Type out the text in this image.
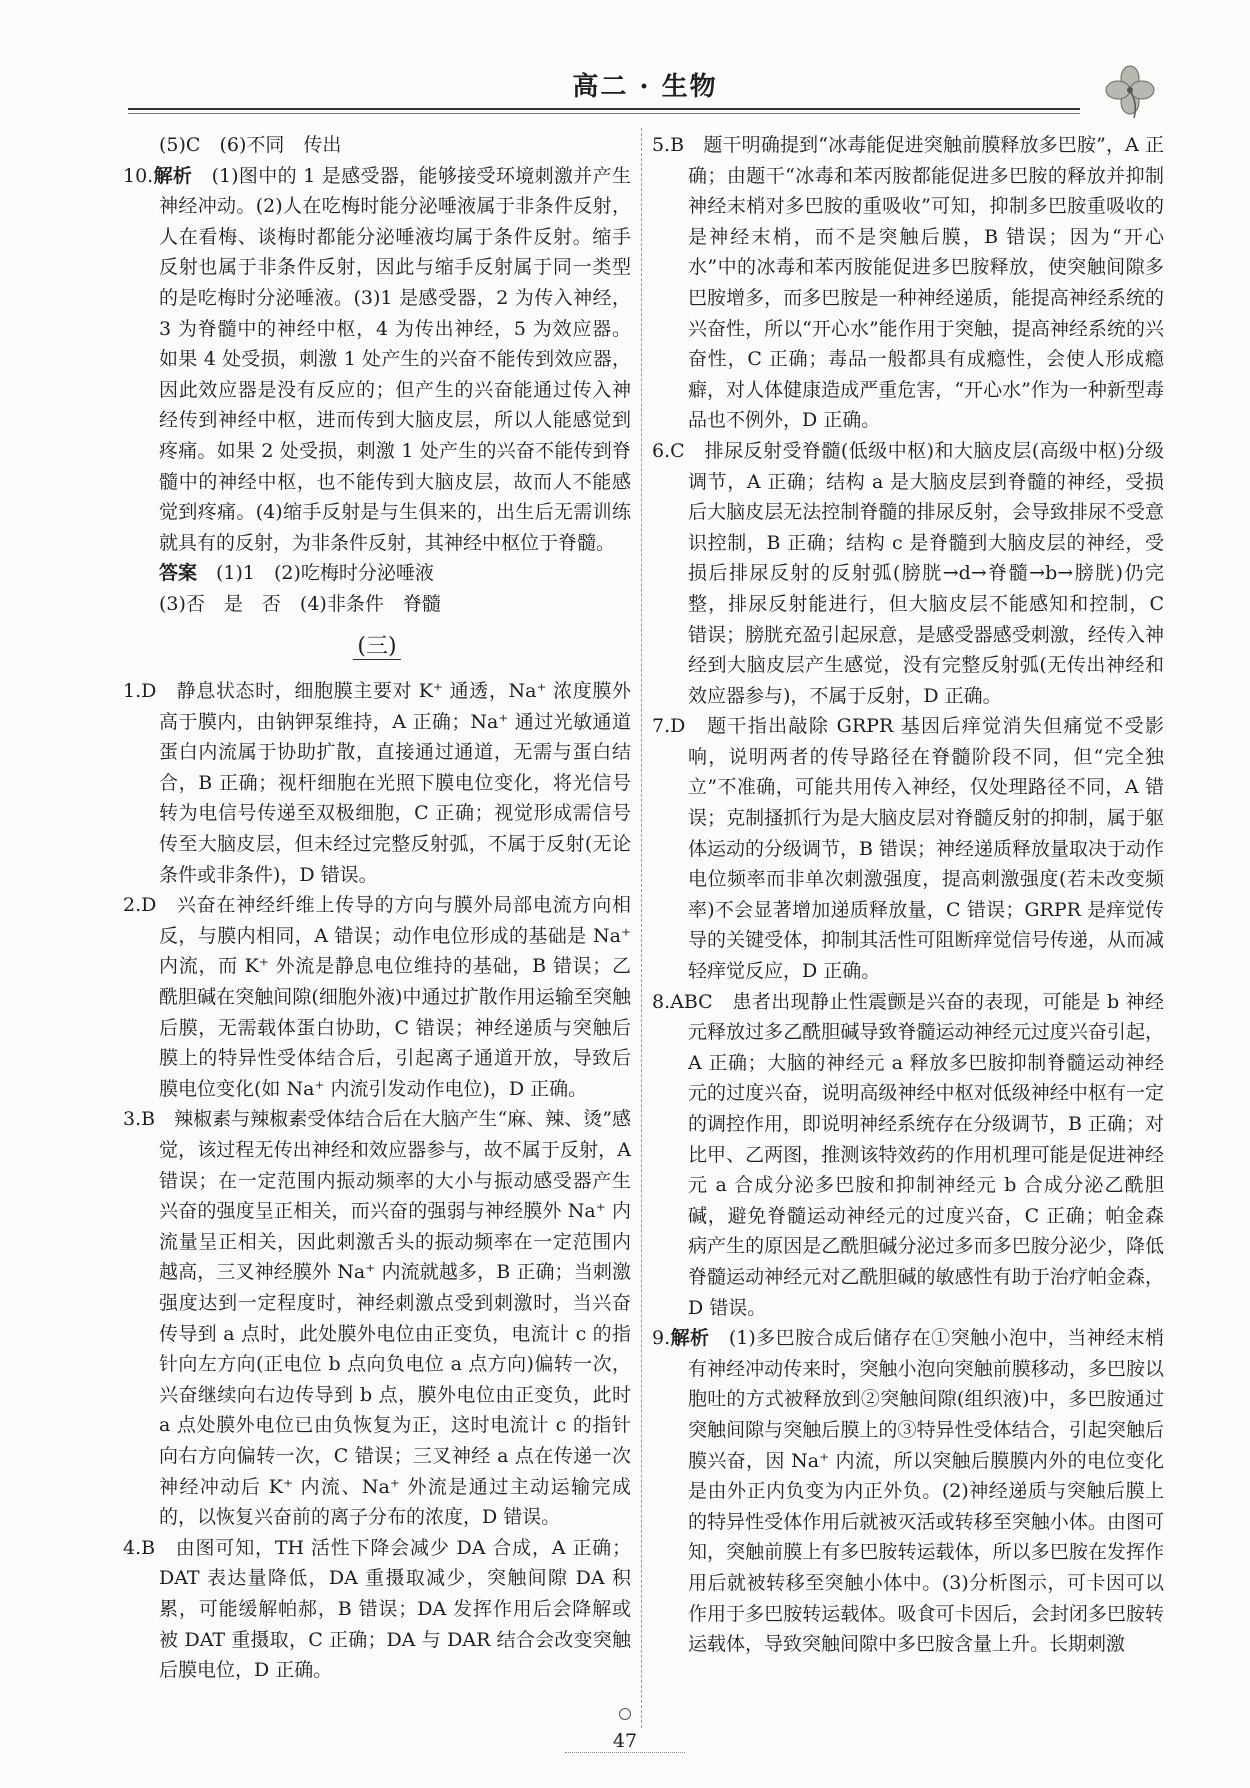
高二 · 生物

(5)C　(6)不同　传出

10.解析　(1)图中的 1 是感受器，能够接受环境刺激并产生神经冲动。(2)人在吃梅时能分泌唾液属于非条件反射，人在看梅、谈梅时都能分泌唾液均属于条件反射。缩手反射也属于非条件反射，因此与缩手反射属于同一类型的是吃梅时分泌唾液。(3)1 是感受器，2 为传入神经，3 为脊髓中的神经中枢，4 为传出神经，5 为效应器。如果 4 处受损，刺激 1 处产生的兴奋不能传到效应器，因此效应器是没有反应的；但产生的兴奋能通过传入神经传到神经中枢，进而传到大脑皮层，所以人能感觉到疼痛。如果 2 处受损，刺激 1 处产生的兴奋不能传到脊髓中的神经中枢，也不能传到大脑皮层，故而人不能感觉到疼痛。(4)缩手反射是与生俱来的，出生后无需训练就具有的反射，为非条件反射，其神经中枢位于脊髓。

答案　(1)1　(2)吃梅时分泌唾液

(3)否　是　否　(4)非条件　脊髓

(三)

1.D　静息状态时，细胞膜主要对 K⁺ 通透，Na⁺ 浓度膜外高于膜内，由钠钾泵维持，A 正确；Na⁺ 通过光敏通道蛋白内流属于协助扩散，直接通过通道，无需与蛋白结合，B 正确；视杆细胞在光照下膜电位变化，将光信号转为电信号传递至双极细胞，C 正确；视觉形成需信号传至大脑皮层，但未经过完整反射弧，不属于反射(无论条件或非条件)，D 错误。

2.D　兴奋在神经纤维上传导的方向与膜外局部电流方向相反，与膜内相同，A 错误；动作电位形成的基础是 Na⁺ 内流，而 K⁺ 外流是静息电位维持的基础，B 错误；乙酰胆碱在突触间隙(细胞外液)中通过扩散作用运输至突触后膜，无需载体蛋白协助，C 错误；神经递质与突触后膜上的特异性受体结合后，引起离子通道开放，导致后膜电位变化(如 Na⁺ 内流引发动作电位)，D 正确。

3.B　辣椒素与辣椒素受体结合后在大脑产生“麻、辣、烫”感觉，该过程无传出神经和效应器参与，故不属于反射，A 错误；在一定范围内振动频率的大小与振动感受器产生兴奋的强度呈正相关，而兴奋的强弱与神经膜外 Na⁺ 内流量呈正相关，因此刺激舌头的振动频率在一定范围内越高，三叉神经膜外 Na⁺ 内流就越多，B 正确；当刺激强度达到一定程度时，神经刺激点受到刺激时，当兴奋传导到 a 点时，此处膜外电位由正变负，电流计 c 的指针向左方向(正电位 b 点向负电位 a 点方向)偏转一次，兴奋继续向右边传导到 b 点，膜外电位由正变负，此时 a 点处膜外电位已由负恢复为正，这时电流计 c 的指针向右方向偏转一次，C 错误；三叉神经 a 点在传递一次神经冲动后 K⁺ 内流、Na⁺ 外流是通过主动运输完成的，以恢复兴奋前的离子分布的浓度，D 错误。

4.B　由图可知，TH 活性下降会减少 DA 合成，A 正确；DAT 表达量降低，DA 重摄取减少，突触间隙 DA 积累，可能缓解帕郝，B 错误；DA 发挥作用后会降解或被 DAT 重摄取，C 正确；DA 与 DAR 结合会改变突触后膜电位，D 正确。

5.B　题干明确提到“冰毒能促进突触前膜释放多巴胺”，A 正确；由题干“冰毒和苯丙胺都能促进多巴胺的释放并抑制神经末梢对多巴胺的重吸收”可知，抑制多巴胺重吸收的是神经末梢，而不是突触后膜，B 错误；因为“开心水”中的冰毒和苯丙胺能促进多巴胺释放，使突触间隙多巴胺增多，而多巴胺是一种神经递质，能提高神经系统的兴奋性，所以“开心水”能作用于突触，提高神经系统的兴奋性，C 正确；毒品一般都具有成瘾性，会使人形成瘾癖，对人体健康造成严重危害，“开心水”作为一种新型毒品也不例外，D 正确。

6.C　排尿反射受脊髓(低级中枢)和大脑皮层(高级中枢)分级调节，A 正确；结构 a 是大脑皮层到脊髓的神经，受损后大脑皮层无法控制脊髓的排尿反射，会导致排尿不受意识控制，B 正确；结构 c 是脊髓到大脑皮层的神经，受损后排尿反射的反射弧(膀胱→d→脊髓→b→膀胱)仍完整，排尿反射能进行，但大脑皮层不能感知和控制，C 错误；膀胱充盈引起尿意，是感受器感受刺激，经传入神经到大脑皮层产生感觉，没有完整反射弧(无传出神经和效应器参与)，不属于反射，D 正确。

7.D　题干指出敲除 GRPR 基因后痒觉消失但痛觉不受影响，说明两者的传导路径在脊髓阶段不同，但“完全独立”不准确，可能共用传入神经，仅处理路径不同，A 错误；克制搔抓行为是大脑皮层对脊髓反射的抑制，属于躯体运动的分级调节，B 错误；神经递质释放量取决于动作电位频率而非单次刺激强度，提高刺激强度(若未改变频率)不会显著增加递质释放量，C 错误；GRPR 是痒觉传导的关键受体，抑制其活性可阻断痒觉信号传递，从而减轻痒觉反应，D 正确。

8.ABC　患者出现静止性震颤是兴奋的表现，可能是 b 神经元释放过多乙酰胆碱导致脊髓运动神经元过度兴奋引起，A 正确；大脑的神经元 a 释放多巴胺抑制脊髓运动神经元的过度兴奋，说明高级神经中枢对低级神经中枢有一定的调控作用，即说明神经系统存在分级调节，B 正确；对比甲、乙两图，推测该特效药的作用机理可能是促进神经元 a 合成分泌多巴胺和抑制神经元 b 合成分泌乙酰胆碱，避免脊髓运动神经元的过度兴奋，C 正确；帕金森病产生的原因是乙酰胆碱分泌过多而多巴胺分泌少，降低脊髓运动神经元对乙酰胆碱的敏感性有助于治疗帕金森，D 错误。

9.解析　(1)多巴胺合成后储存在①突触小泡中，当神经末梢有神经冲动传来时，突触小泡向突触前膜移动，多巴胺以胞吐的方式被释放到②突触间隙(组织液)中，多巴胺通过突触间隙与突触后膜上的③特异性受体结合，引起突触后膜兴奋，因 Na⁺ 内流，所以突触后膜膜内外的电位变化是由外正内负变为内正外负。(2)神经递质与突触后膜上的特异性受体作用后就被灭活或转移至突触小体。由图可知，突触前膜上有多巴胺转运载体，所以多巴胺在发挥作用后就被转移至突触小体中。(3)分析图示，可卡因可以作用于多巴胺转运载体。吸食可卡因后，会封闭多巴胺转运载体，导致突触间隙中多巴胺含量上升。长期刺激

47
